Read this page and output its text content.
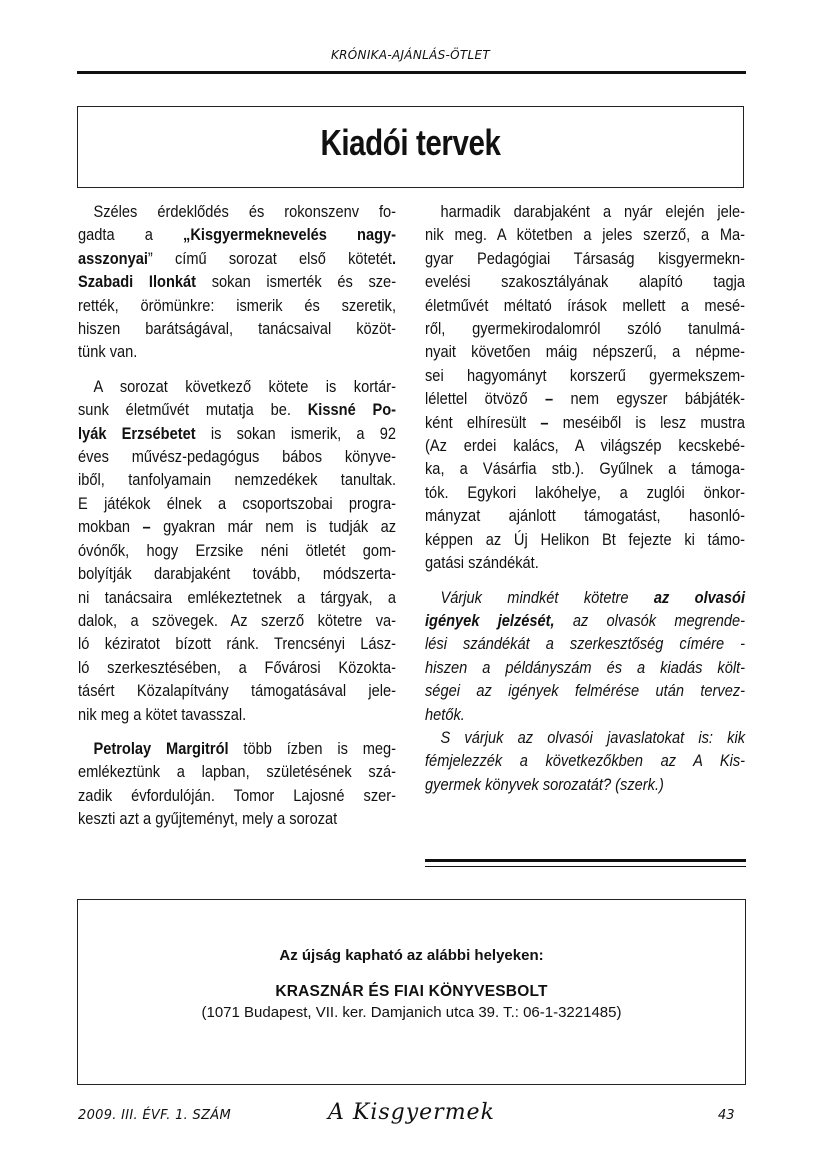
KRÓNIKA-AJÁNLÁS-ÖTLET
Kiadói tervek
Széles érdeklődés és rokonszenv fo-
gadta a „Kisgyermeknevelés nagy-
asszonyai” című sorozat első kötetét.
Szabadi Ilonkát sokan ismerték és sze-
rették, örömünkre: ismerik és szeretik,
hiszen barátságával, tanácsaival közöt-
tünk van.
A sorozat következő kötete is kortár-
sunk életművét mutatja be. Kissné Po-
lyák Erzsébetet is sokan ismerik, a 92
éves művész-pedagógus bábos könyve-
iből, tanfolyamain nemzedékek tanultak.
E játékok élnek a csoportszobai progra-
mokban – gyakran már nem is tudják az
óvónők, hogy Erzsike néni ötletét gom-
bolyítják darabjaként tovább, módszerta-
ni tanácsaira emlékeztetnek a tárgyak, a
dalok, a szövegek. Az szerző kötetre va-
ló kéziratot bízott ránk. Trencsényi Lász-
ló szerkesztésében, a Fővárosi Közokta-
tásért Közalapítvány támogatásával jele-
nik meg a kötet tavasszal.
Petrolay Margitról több ízben is meg-
emlékeztünk a lapban, születésének szá-
zadik évfordulóján. Tomor Lajosné szer-
keszti azt a gyűjteményt, mely a sorozat
harmadik darabjaként a nyár elején jele-
nik meg. A kötetben a jeles szerző, a Ma-
gyar Pedagógiai Társaság kisgyermekn-
evelési szakosztályának alapító tagja
életművét méltató írások mellett a mesé-
ről, gyermekirodalomról szóló tanulmá-
nyait követően máig népszerű, a népme-
sei hagyományt korszerű gyermekszem-
lélettel ötvöző – nem egyszer bábjáték-
ként elhíresült – meséiből is lesz mustra
(Az erdei kalács, A világszép kecskebé-
ka, a Vásárfia stb.). Gyűlnek a támoga-
tók. Egykori lakóhelye, a zuglói önkor-
mányzat ajánlott támogatást, hasonló-
képpen az Új Helikon Bt fejezte ki támo-
gatási szándékát.
Várjuk mindkét kötetre az olvasói
igények jelzését, az olvasók megrende-
lési szándékát a szerkesztőség címére -
hiszen a példányszám és a kiadás költ-
ségei az igények felmérése után tervez-
hetők.
S várjuk az olvasói javaslatokat is: kik
fémjelezzék a következőkben az A Kis-
gyermek könyvek sorozatát? (szerk.)
Az újság kapható az alábbi helyeken:
KRASZNÁR ÉS FIAI KÖNYVESBOLT
(1071 Budapest, VII. ker. Damjanich utca 39. T.: 06-1-3221485)
2009. III. ÉVF. 1. SZÁM	A Kisgyermek	43
